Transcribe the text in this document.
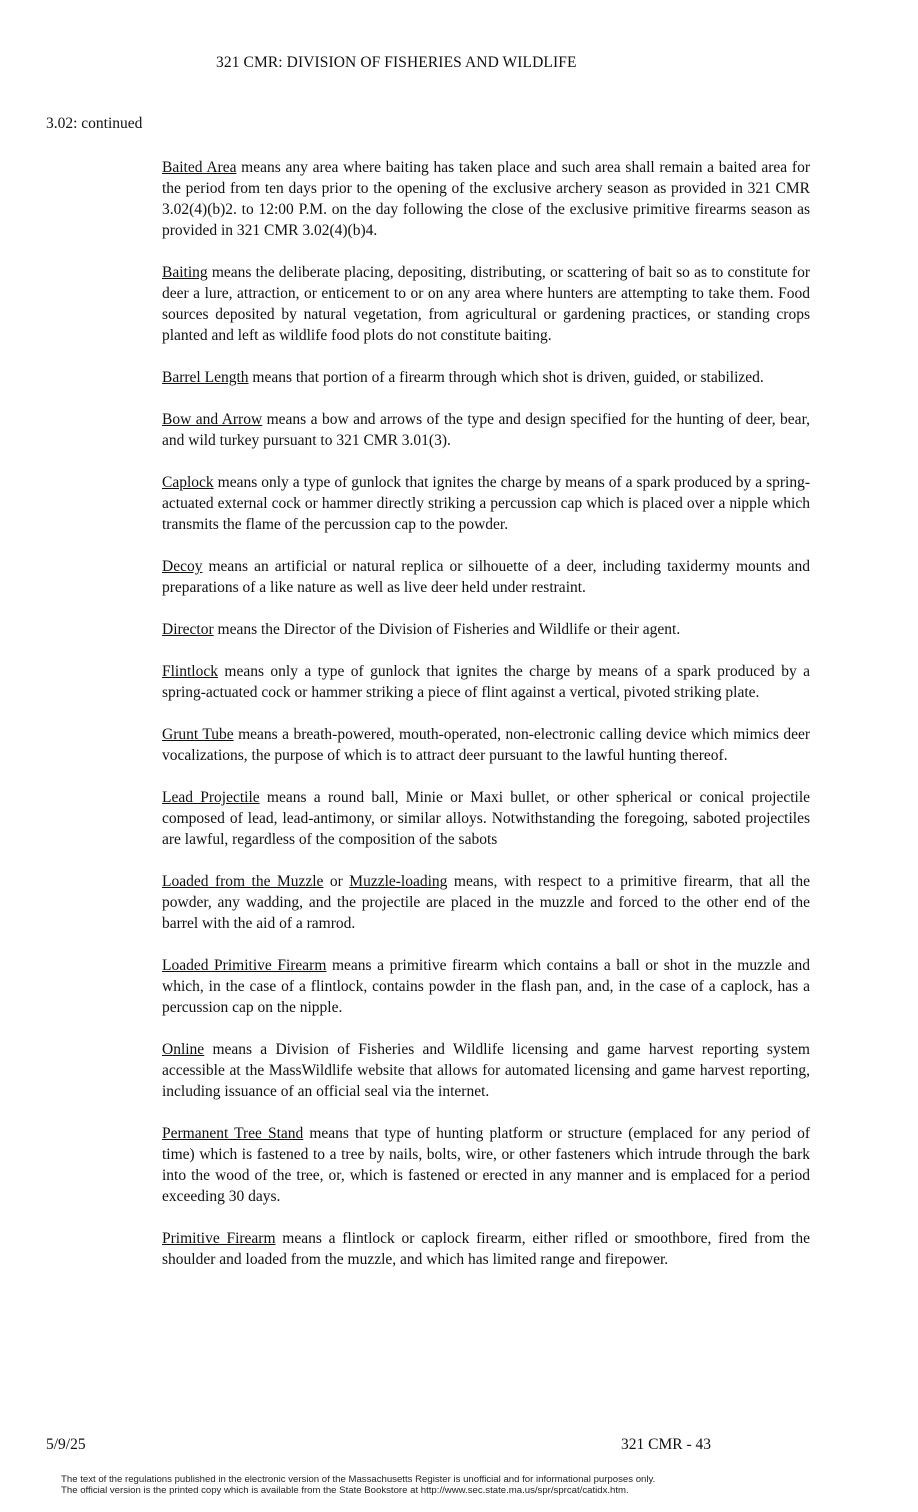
321 CMR: DIVISION OF FISHERIES AND WILDLIFE
3.02: continued

Baited Area means any area where baiting has taken place and such area shall remain a baited area for the period from ten days prior to the opening of the exclusive archery season as provided in 321 CMR 3.02(4)(b)2. to 12:00 P.M. on the day following the close of the exclusive primitive firearms season as provided in 321 CMR 3.02(4)(b)4.

Baiting means the deliberate placing, depositing, distributing, or scattering of bait so as to constitute for deer a lure, attraction, or enticement to or on any area where hunters are attempting to take them. Food sources deposited by natural vegetation, from agricultural or gardening practices, or standing crops planted and left as wildlife food plots do not constitute baiting.

Barrel Length means that portion of a firearm through which shot is driven, guided, or stabilized.

Bow and Arrow means a bow and arrows of the type and design specified for the hunting of deer, bear, and wild turkey pursuant to 321 CMR 3.01(3).

Caplock means only a type of gunlock that ignites the charge by means of a spark produced by a spring-actuated external cock or hammer directly striking a percussion cap which is placed over a nipple which transmits the flame of the percussion cap to the powder.

Decoy means an artificial or natural replica or silhouette of a deer, including taxidermy mounts and preparations of a like nature as well as live deer held under restraint.

Director means the Director of the Division of Fisheries and Wildlife or their agent.

Flintlock means only a type of gunlock that ignites the charge by means of a spark produced by a spring-actuated cock or hammer striking a piece of flint against a vertical, pivoted striking plate.

Grunt Tube means a breath-powered, mouth-operated, non-electronic calling device which mimics deer vocalizations, the purpose of which is to attract deer pursuant to the lawful hunting thereof.

Lead Projectile means a round ball, Minie or Maxi bullet, or other spherical or conical projectile composed of lead, lead-antimony, or similar alloys. Notwithstanding the foregoing, saboted projectiles are lawful, regardless of the composition of the sabots

Loaded from the Muzzle or Muzzle-loading means, with respect to a primitive firearm, that all the powder, any wadding, and the projectile are placed in the muzzle and forced to the other end of the barrel with the aid of a ramrod.

Loaded Primitive Firearm means a primitive firearm which contains a ball or shot in the muzzle and which, in the case of a flintlock, contains powder in the flash pan, and, in the case of a caplock, has a percussion cap on the nipple.

Online means a Division of Fisheries and Wildlife licensing and game harvest reporting system accessible at the MassWildlife website that allows for automated licensing and game harvest reporting, including issuance of an official seal via the internet.

Permanent Tree Stand means that type of hunting platform or structure (emplaced for any period of time) which is fastened to a tree by nails, bolts, wire, or other fasteners which intrude through the bark into the wood of the tree, or, which is fastened or erected in any manner and is emplaced for a period exceeding 30 days.

Primitive Firearm means a flintlock or caplock firearm, either rifled or smoothbore, fired from the shoulder and loaded from the muzzle, and which has limited range and firepower.

5/9/25	321 CMR - 43
The text of the regulations published in the electronic version of the Massachusetts Register is unofficial and for informational purposes only.
The official version is the printed copy which is available from the State Bookstore at http://www.sec.state.ma.us/spr/sprcat/catidx.htm.
